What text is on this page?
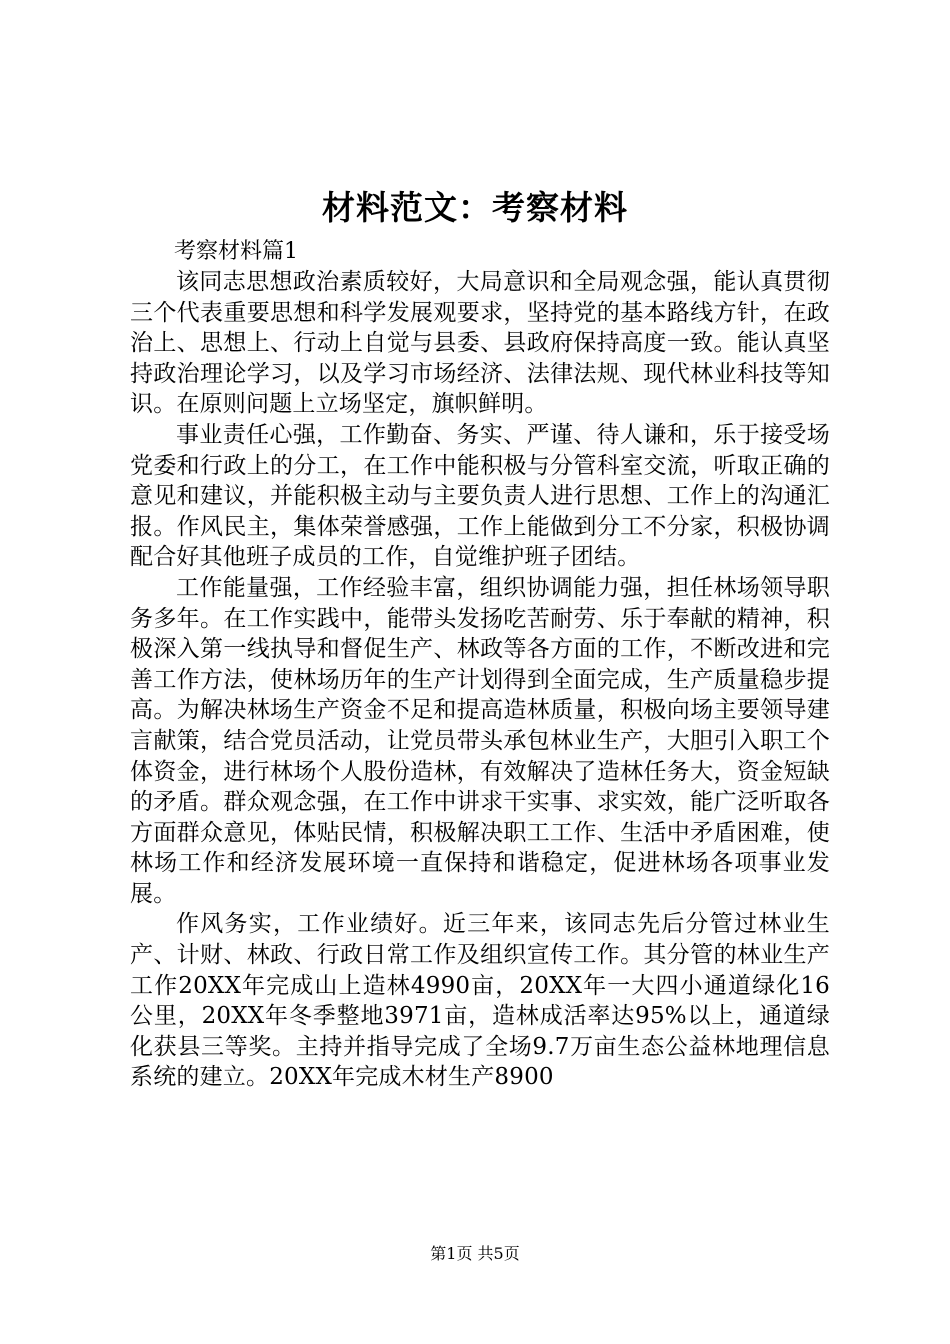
材料范文：考察材料

考察材料篇1

该同志思想政治素质较好，大局意识和全局观念强，能认真贯彻三个代表重要思想和科学发展观要求，坚持党的基本路线方针，在政治上、思想上、行动上自觉与县委、县政府保持高度一致。能认真坚持政治理论学习，以及学习市场经济、法律法规、现代林业科技等知识。在原则问题上立场坚定，旗帜鲜明。

事业责任心强，工作勤奋、务实、严谨、待人谦和，乐于接受场党委和行政上的分工，在工作中能积极与分管科室交流，听取正确的意见和建议，并能积极主动与主要负责人进行思想、工作上的沟通汇报。作风民主，集体荣誉感强，工作上能做到分工不分家，积极协调配合好其他班子成员的工作，自觉维护班子团结。

工作能量强，工作经验丰富，组织协调能力强，担任林场领导职务多年。在工作实践中，能带头发扬吃苦耐劳、乐于奉献的精神，积极深入第一线执导和督促生产、林政等各方面的工作，不断改进和完善工作方法，使林场历年的生产计划得到全面完成，生产质量稳步提高。为解决林场生产资金不足和提高造林质量，积极向场主要领导建言献策，结合党员活动，让党员带头承包林业生产，大胆引入职工个体资金，进行林场个人股份造林，有效解决了造林任务大，资金短缺的矛盾。群众观念强，在工作中讲求干实事、求实效，能广泛听取各方面群众意见，体贴民情，积极解决职工工作、生活中矛盾困难，使林场工作和经济发展环境一直保持和谐稳定，促进林场各项事业发展。

作风务实，工作业绩好。近三年来，该同志先后分管过林业生产、计财、林政、行政日常工作及组织宣传工作。其分管的林业生产工作20XX年完成山上造林4990亩，20XX年一大四小通道绿化16公里，20XX年冬季整地3971亩，造林成活率达95%以上，通道绿化获县三等奖。主持并指导完成了全场9.7万亩生态公益林地理信息系统的建立。20XX年完成木材生产8900

第1页 共5页
